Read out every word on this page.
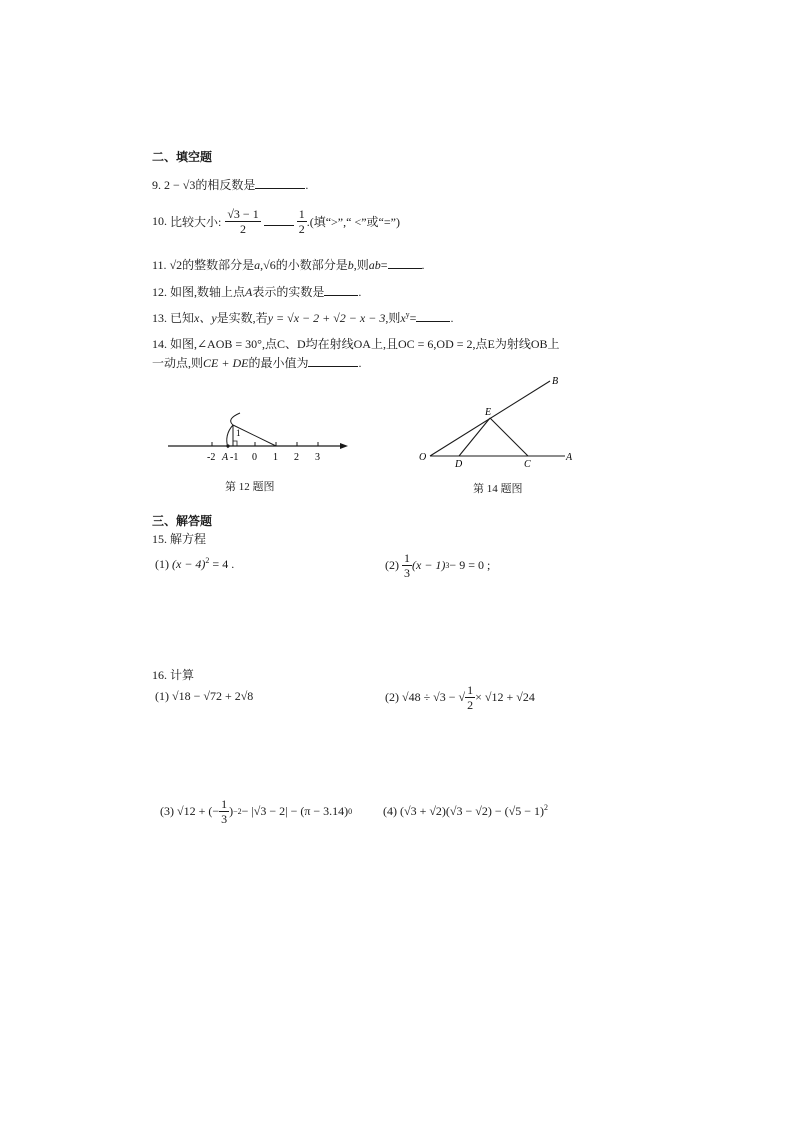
二、填空题
9. 2 − √3的相反数是	.
10.
比较大小: $\frac{√3 - 1}{2}$	$\frac{1}{2}$ .(填“>”,“ <”或“=”)
11. √2的整数部分是a,√6的小数部分是b,则ab=	.
12. 如图,数轴上点A表示的实数是	.
13. 已知x、y是实数,若y = √x − 2 + √2 − x − 3,则$x^y=$	.
14. 如图,∠AOB = 30°,点C、D均在射线OA上,且OC = 6,OD = 2,点E为射线OB上
一动点,则CE + DE的最小值为	.
1
-2 A -1 0 1 2 3
第 12 题图
O
D	C
A
E
B
第 14 题图
三、解答题
15. 解方程
(1) $(x - 4)^2 = 4$ .	(2)
$\frac{1}{3} (x - 1) 3 - 9 = 0$ ;
16. 计算
(1) √18 − √72 + 2√8	(2)
√48 ÷ √3 − √ $\frac{1}{2} \times √12 + √24$
(3)
√12 + (− $\frac{1}{3}$ ) −2 − |√3 − 2| − (π − 3.14) 0	(4) $(√3 + √2)(√3 - √2) - (√5 - 1)^2$
